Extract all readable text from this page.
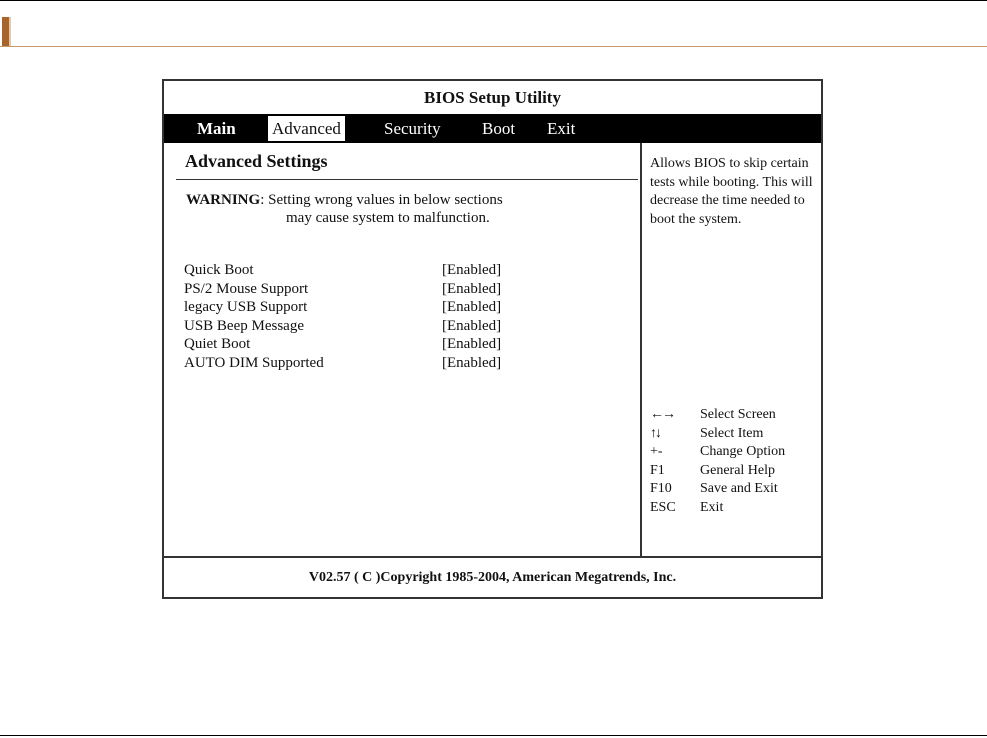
BIOS Setup Utility
Main Advanced	Security Boot Exit
Advanced Settings
WARNING: Setting wrong values in below sections
may cause system to malfunction.
Quick Boot	[Enabled]
PS/2 Mouse Support	[Enabled]
legacy USB Support	[Enabled]
USB Beep Message	[Enabled]
Quiet Boot	[Enabled]
AUTO DIM Supported	[Enabled]
Allows BIOS to skip certain tests while booting. This will decrease the time needed to boot the system.
←→	Select Screen
↑↓	Select Item
+-	Change Option
F1	General Help
F10	Save and Exit
ESC	Exit
V02.57 ( C )Copyright 1985-2004, American Megatrends, Inc.
